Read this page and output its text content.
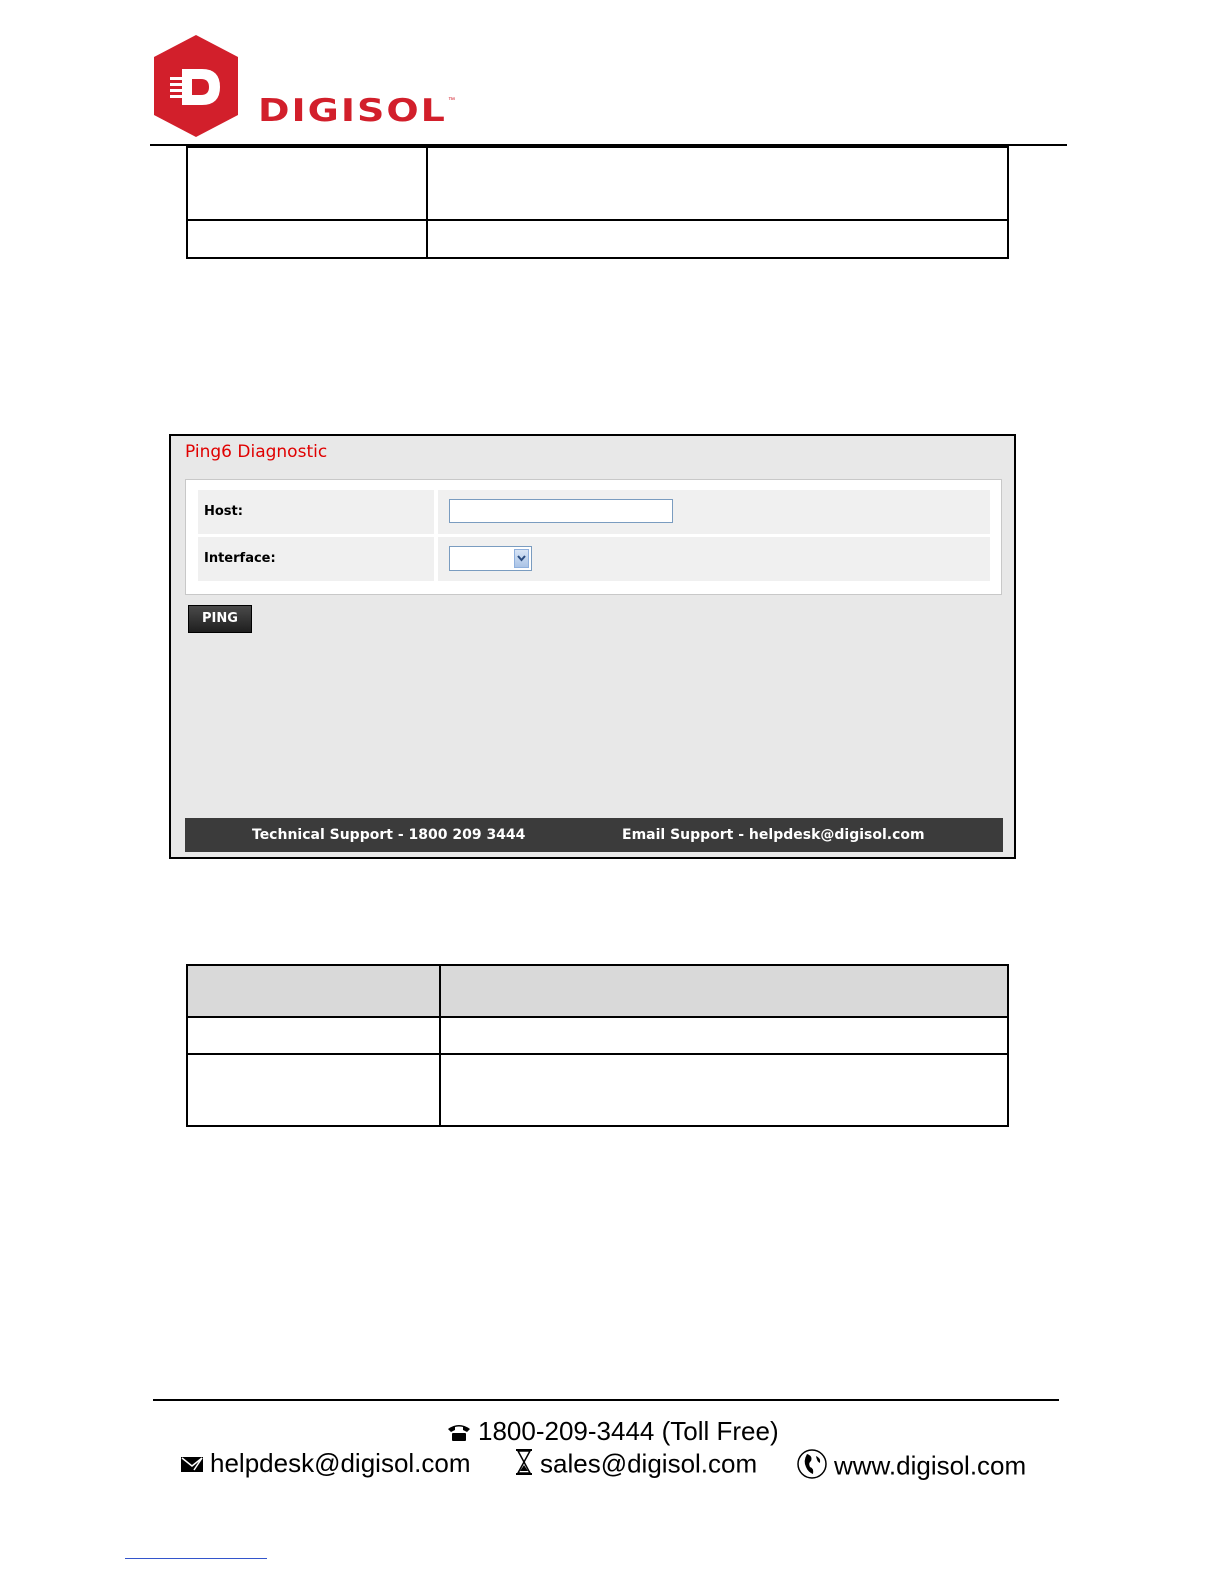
DIGISOL ™

Ping6 Diagnostic
Host:
Interface:
PING
Technical Support - 1800 209 3444	Email Support - helpdesk@digisol.com

1800-209-3444 (Toll Free)
helpdesk@digisol.com	sales@digisol.com	www.digisol.com
